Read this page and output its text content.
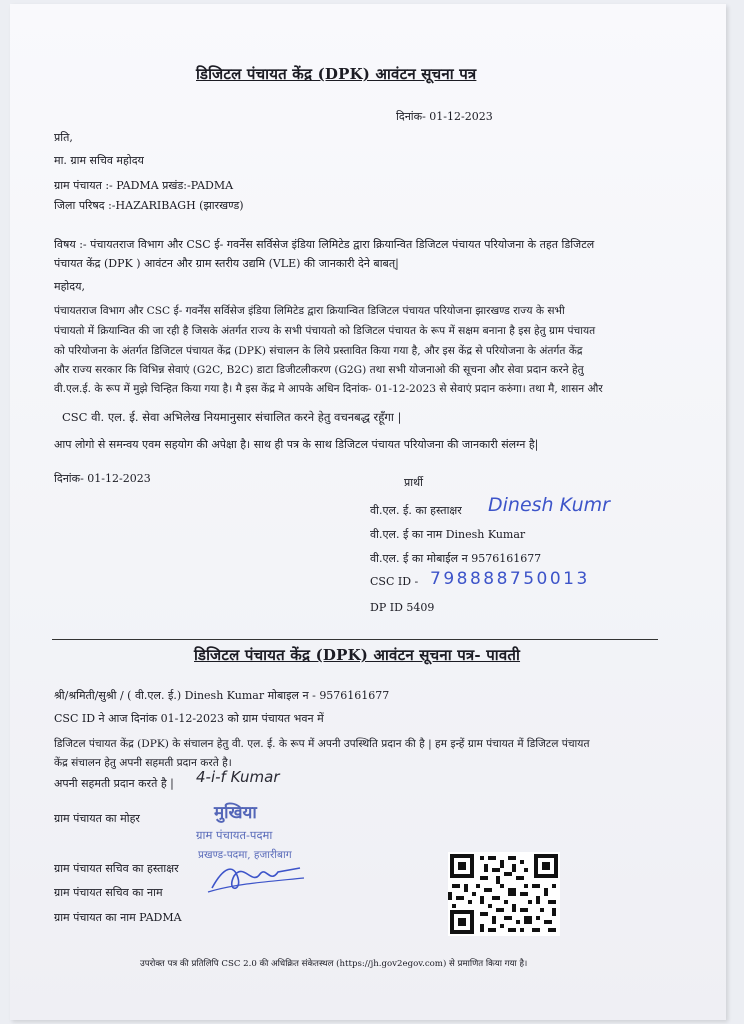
डिजिटल पंचायत केंद्र (DPK) आवंटन सूचना पत्र
दिनांक- 01-12-2023
प्रति,
मा. ग्राम सचिव महोदय
ग्राम पंचायत :- PADMA प्रखंड:-PADMA
जिला परिषद :-HAZARIBAGH (झारखण्ड)
विषय :- पंचायतराज विभाग और CSC ई- गवर्नेंस सर्विसेज इंडिया लिमिटेड द्वारा क्रियान्वित डिजिटल पंचायत परियोजना के तहत डिजिटल
पंचायत केंद्र (DPK ) आवंटन और ग्राम स्तरीय उद्यमि (VLE) की जानकारी देने बाबत्|
महोदय,
पंचायतराज विभाग और CSC ई- गवर्नेंस सर्विसेज इंडिया लिमिटेड द्वारा क्रियान्वित डिजिटल पंचायत परियोजना झारखण्ड राज्य के सभी
पंचायतो में क्रियान्वित की जा रही है जिसके अंतर्गत राज्य के सभी पंचायतो को डिजिटल पंचायत के रूप में सक्षम बनाना है इस हेतु ग्राम पंचायत
को परियोजना के अंतर्गत डिजिटल पंचायत केंद्र (DPK) संचालन के लिये प्रस्तावित किया गया है, और इस केंद्र से परियोजना के अंतर्गत केंद्र
और राज्य सरकार कि विभिन्न सेवाएं (G2C, B2C) डाटा डिजीटलीकरण (G2G) तथा सभी योजनाओ की सूचना और सेवा प्रदान करने हेतु
वी.एल.ई. के रूप में मुझे चिन्हित किया गया है। मै इस केंद्र मे आपके अधिन दिनांक- 01-12-2023 से सेवाएं प्रदान करुंगा। तथा मै, शासन और
CSC वी. एल. ई. सेवा अभिलेख नियमानुसार संचालित करने हेतु वचनबद्ध रहूँगा |
आप लोगो से समन्वय एवम सहयोग की अपेक्षा है। साथ ही पत्र के साथ डिजिटल पंचायत परियोजना की जानकारी संलग्न है|
दिनांक- 01-12-2023	प्रार्थी
वी.एल. ई. का हस्ताक्षर Dinesh Kumr
वी.एल. ई का नाम Dinesh Kumar
वी.एल. ई का मोबाईल न 9576161677
CSC ID - 798888750013
DP ID 5409
डिजिटल पंचायत केंद्र (DPK) आवंटन सूचना पत्र- पावती
श्री/श्रमिती/सुश्री / ( वी.एल. ई.) Dinesh Kumar मोबाइल न - 9576161677
CSC ID ने आज दिनांक 01-12-2023 को ग्राम पंचायत भवन में
डिजिटल पंचायत केंद्र (DPK) के संचालन हेतु वी. एल. ई. के रूप में अपनी उपस्थिति प्रदान की है | हम इन्हें ग्राम पंचायत में डिजिटल पंचायत
केंद्र संचालन हेतु अपनी सहमती प्रदान करते है।
अपनी सहमती प्रदान करते है | 4-i-f Kumar
ग्राम पंचायत का मोहर	मुखिया
ग्राम पंचायत-पदमा
प्रखण्ड-पदमा, हजारीबाग
ग्राम पंचायत सचिव का हस्ताक्षर
ग्राम पंचायत सचिव का नाम
ग्राम पंचायत का नाम PADMA
उपरोक्त पत्र की प्रतिलिपि CSC 2.0 की अधिक्रित संकेतस्थल (https://jh.gov2egov.com) से प्रमाणित किया गया है।
